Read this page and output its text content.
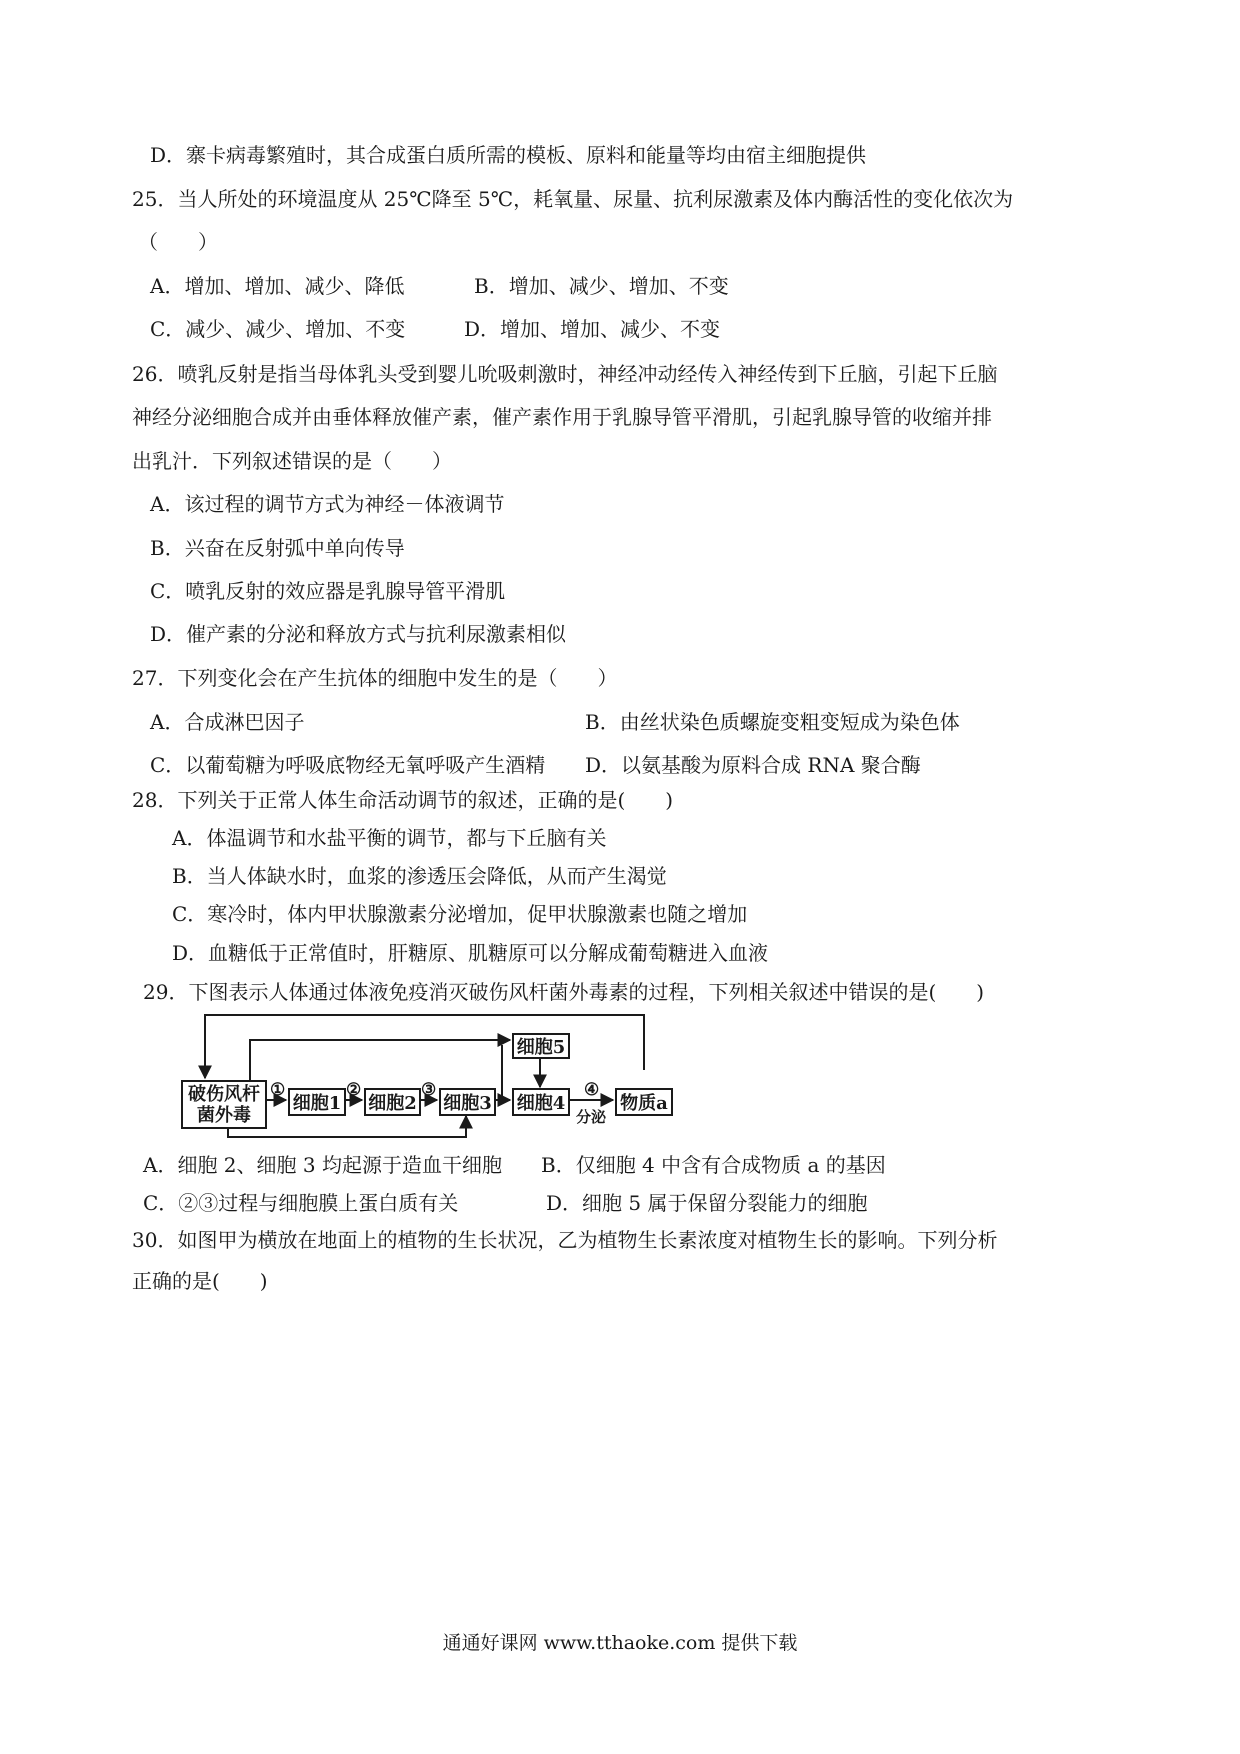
D．寨卡病毒繁殖时，其合成蛋白质所需的模板、原料和能量等均由宿主细胞提供
25．当人所处的环境温度从 25℃降至 5℃，耗氧量、尿量、抗利尿激素及体内酶活性的变化依次为
（　　）
A．增加、增加、减少、降低	B．增加、减少、增加、不变
C．减少、减少、增加、不变	D．增加、增加、减少、不变
26．喷乳反射是指当母体乳头受到婴儿吮吸刺激时，神经冲动经传入神经传到下丘脑，引起下丘脑
神经分泌细胞合成并由垂体释放催产素，催产素作用于乳腺导管平滑肌，引起乳腺导管的收缩并排
出乳汁．下列叙述错误的是（　　）
A．该过程的调节方式为神经－体液调节
B．兴奋在反射弧中单向传导
C．喷乳反射的效应器是乳腺导管平滑肌
D．催产素的分泌和释放方式与抗利尿激素相似
27．下列变化会在产生抗体的细胞中发生的是（　　）
A．合成淋巴因子	B．由丝状染色质螺旋变粗变短成为染色体
C．以葡萄糖为呼吸底物经无氧呼吸产生酒精 D．以氨基酸为原料合成 RNA 聚合酶
28．下列关于正常人体生命活动调节的叙述，正确的是(　　)
A．体温调节和水盐平衡的调节，都与下丘脑有关
B．当人体缺水时，血浆的渗透压会降低，从而产生渴觉
C．寒冷时，体内甲状腺激素分泌增加，促甲状腺激素也随之增加
D．血糖低于正常值时，肝糖原、肌糖原可以分解成葡萄糖进入血液
29．下图表示人体通过体液免疫消灭破伤风杆菌外毒素的过程，下列相关叙述中错误的是(　　)
破伤风杆
菌外毒
细胞1 细胞2 细胞3
细胞5
细胞4	物质a
①	②	③	④
分泌
A．细胞 2、细胞 3 均起源于造血干细胞 B．仅细胞 4 中含有合成物质 a 的基因
C．②③过程与细胞膜上蛋白质有关	D．细胞 5 属于保留分裂能力的细胞
30．如图甲为横放在地面上的植物的生长状况，乙为植物生长素浓度对植物生长的影响。下列分析
正确的是(　　)
通通好课网 www.tthaoke.com 提供下载
